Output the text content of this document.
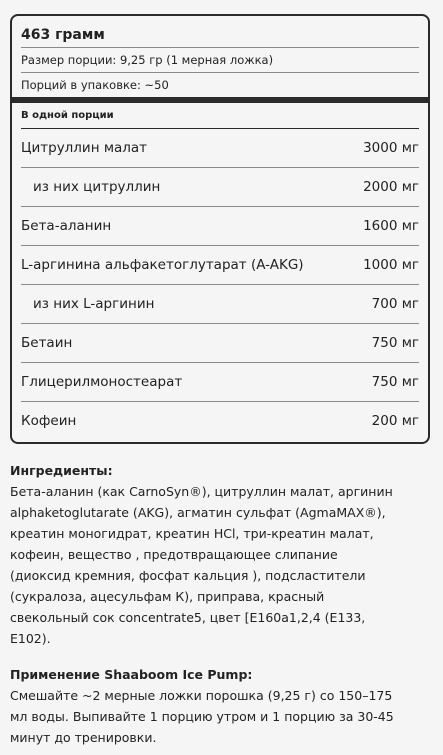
463 грамм
Размер порции: 9,25 гр (1 мерная ложка)
Порций в упаковке: ~50
В одной порции
Цитруллин малат	3000 мг
из них цитруллин	2000 мг
Бета-аланин	1600 мг
L-аргинина альфакетоглутарат (A-AKG)	1000 мг
из них L-аргинин	700 мг
Бетаин	750 мг
Глицерилмоностеарат	750 мг
Кофеин	200 мг
Ингредиенты:
Бета-аланин (как CarnoSyn®), цитруллин малат, аргинин
alphaketoglutarate (AKG), агматин сульфат (AgmaMAX®),
креатин моногидрат, креатин HCl, три-креатин малат,
кофеин, вещество , предотвращающее слипание
(диоксид кремния, фосфат кальция ), подсластители
(сукралоза, ацесульфам К), приправа, красный
свекольный сок concentrate5, цвет [E160a1,2,4 (E133,
E102).
Применение Shaaboom Ice Pump:
Смешайте ~2 мерные ложки порошка (9,25 г) со 150–175
мл воды. Выпивайте 1 порцию утром и 1 порцию за 30-45
минут до тренировки.
